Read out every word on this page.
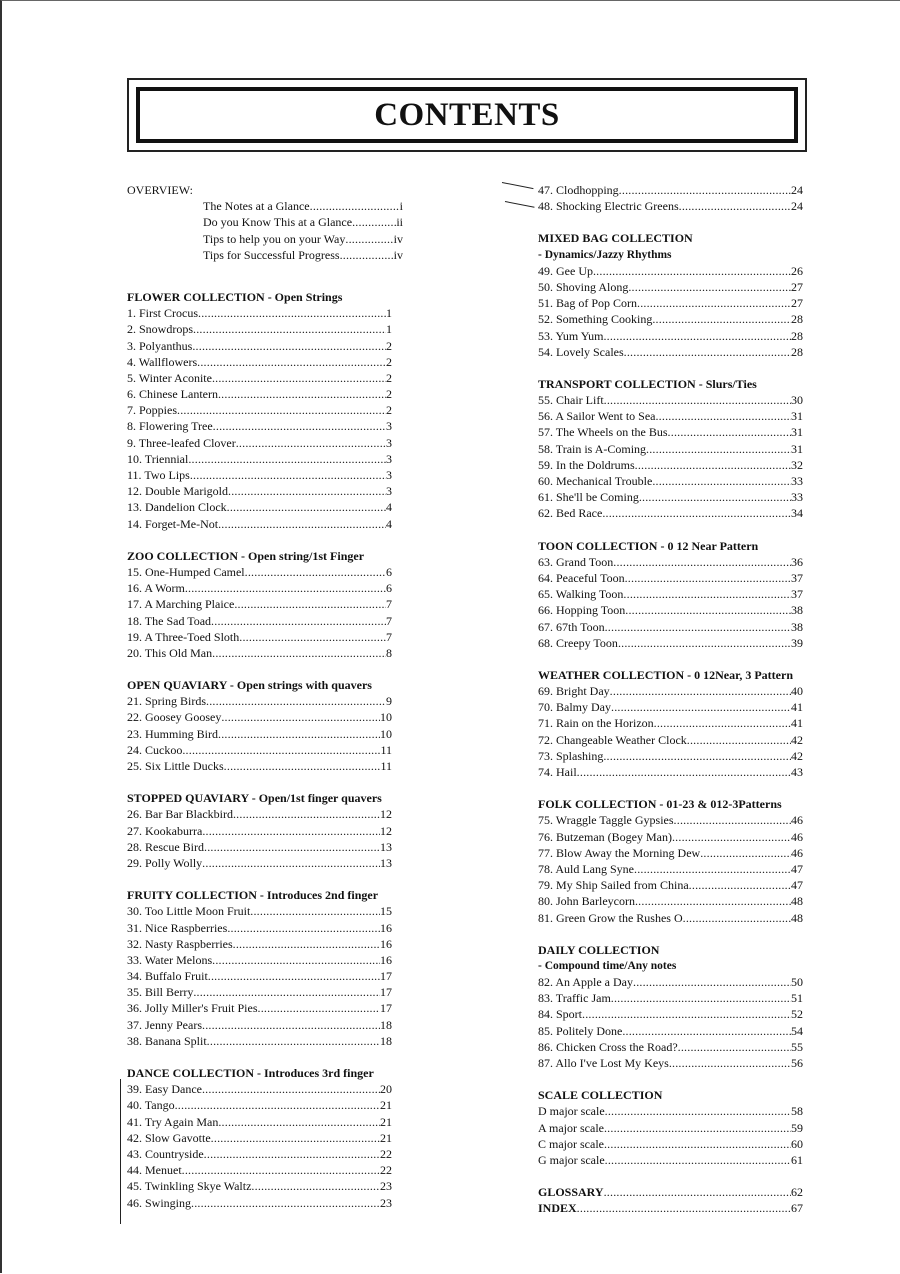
CONTENTS
OVERVIEW:
The Notes at a Glance .....	i
Do you Know This at a Glance .....	ii
Tips to help you on your Way .....	iv
Tips for Successful Progress .....	iv
FLOWER COLLECTION - Open Strings
1. First Crocus .....	1
2. Snowdrops .....	1
3. Polyanthus .....	2
4. Wallflowers .....	2
5. Winter Aconite .....	2
6. Chinese Lantern .....	2
7. Poppies .....	2
8. Flowering Tree .....	3
9. Three-leafed Clover .....	3
10. Triennial .....	3
11. Two Lips .....	3
12. Double Marigold .....	3
13. Dandelion Clock .....	4
14. Forget-Me-Not .....	4
ZOO COLLECTION - Open string/1st Finger
15. One-Humped Camel .....	6
16. A Worm .....	6
17. A Marching Plaice .....	7
18. The Sad Toad .....	7
19. A Three-Toed Sloth .....	7
20. This Old Man .....	8
OPEN QUAVIARY - Open strings with quavers
21. Spring Birds .....	9
22. Goosey Goosey .....	10
23. Humming Bird .....	10
24. Cuckoo .....	11
25. Six Little Ducks .....	11
STOPPED QUAVIARY - Open/1st finger quavers
26. Bar Bar Blackbird .....	12
27. Kookaburra .....	12
28. Rescue Bird .....	13
29. Polly Wolly .....	13
FRUITY COLLECTION - Introduces 2nd finger
30. Too Little Moon Fruit .....	15
31. Nice Raspberries .....	16
32. Nasty Raspberries .....	16
33. Water Melons .....	16
34. Buffalo Fruit .....	17
35. Bill Berry .....	17
36. Jolly Miller's Fruit Pies .....	17
37. Jenny Pears .....	18
38. Banana Split .....	18
DANCE COLLECTION - Introduces 3rd finger
39. Easy Dance .....	20
40. Tango .....	21
41. Try Again Man .....	21
42. Slow Gavotte .....	21
43. Countryside .....	22
44. Menuet .....	22
45. Twinkling Skye Waltz .....	23
46. Swinging .....	23
47. Clodhopping .....	24
48. Shocking Electric Greens .....	24
MIXED BAG COLLECTION
- Dynamics/Jazzy Rhythms
49. Gee Up .....	26
50. Shoving Along .....	27
51. Bag of Pop Corn .....	27
52. Something Cooking .....	28
53. Yum Yum .....	28
54. Lovely Scales .....	28
TRANSPORT COLLECTION - Slurs/Ties
55. Chair Lift .....	30
56. A Sailor Went to Sea .....	31
57. The Wheels on the Bus .....	31
58. Train is A-Coming .....	31
59. In the Doldrums .....	32
60. Mechanical Trouble .....	33
61. She'll be Coming .....	33
62. Bed Race .....	34
TOON COLLECTION - 0 12 Near Pattern
63. Grand Toon .....	36
64. Peaceful Toon .....	37
65. Walking Toon .....	37
66. Hopping Toon .....	38
67. 67th Toon .....	38
68. Creepy Toon .....	39
WEATHER COLLECTION - 0 12Near, 3 Pattern
69. Bright Day .....	40
70. Balmy Day .....	41
71. Rain on the Horizon .....	41
72. Changeable Weather Clock .....	42
73. Splashing .....	42
74. Hail .....	43
FOLK COLLECTION - 01-23 & 012-3Patterns
75. Wraggle Taggle Gypsies .....	46
76. Butzeman (Bogey Man) .....	46
77. Blow Away the Morning Dew .....	46
78. Auld Lang Syne .....	47
79. My Ship Sailed from China .....	47
80. John Barleycorn .....	48
81. Green Grow the Rushes O .....	48
DAILY COLLECTION
- Compound time/Any notes
82. An Apple a Day .....	50
83. Traffic Jam .....	51
84. Sport .....	52
85. Politely Done .....	54
86. Chicken Cross the Road? .....	55
87. Allo I've Lost My Keys .....	56
SCALE COLLECTION
D major scale .....	58
A major scale .....	59
C major scale .....	60
G major scale .....	61
GLOSSARY .....	62
INDEX .....	67
